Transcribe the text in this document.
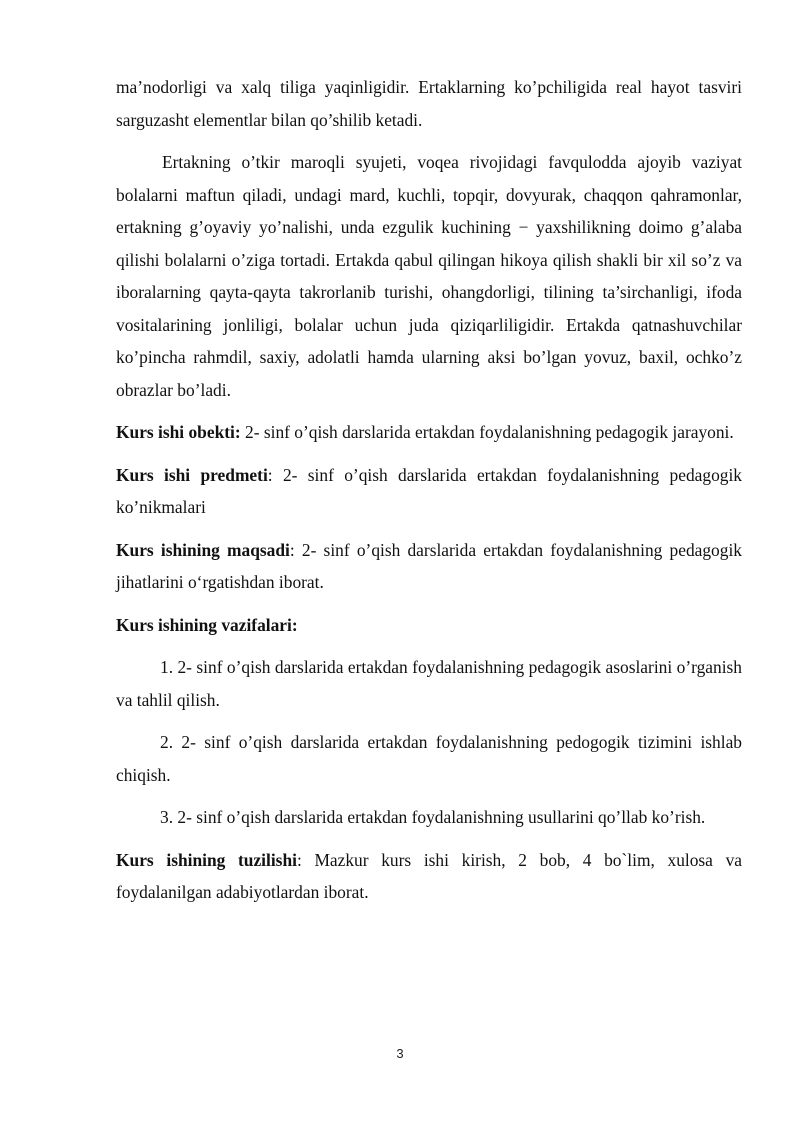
ma’nodorligi va xalq tiligа yaqinligidir. Ertaklarning ko’pchiligida real hayot tasviri sarguzasht elementlar bilan qo’shilib ketadi.

Ertakning o’tkir maroqli syujeti, voqea rivojidagi favqulodda ajoyib vaziyat bolalarni maftun qiladi, undagi mard, kuchli, topqir, dovyurak, chaqqon qahramonlar, ertakning g’oyaviy yo’nalishi, unda ezgulik kuchining − yaxshilikning doimo g’alaba qilishi bolalarni o’ziga tortadi. Ertakda qabul qilingan hikoya qilish shakli bir xil so’z va iboralarning qayta-qayta takrorlanib turishi, ohangdorligi, tilining ta’sirchanligi, ifoda vositalarining jonliligi, bolalar uchun juda qiziqarliligidir. Ertakda qatnashuvchilar ko’pincha rahmdil, saxiy, adolatli hamda ularning aksi bo’lgan yovuz, baxil, ochko’z obrazlar bo’ladi.

Kurs ishi obekti: 2- sinf o’qish darslarida ertakdan foydalanishning pedagogik jarayoni.

Kurs ishi predmeti: 2- sinf o’qish darslarida ertakdan foydalanishning pedagogik ko’nikmalari

Kurs ishining maqsadi: 2- sinf o’qish darslarida ertakdan foydalanishning pedagogik jihatlarini o‘rgatishdan iborat.

Kurs ishining vazifalari:

1. 2- sinf o’qish darslarida ertakdan foydalanishning pedagogik asoslarini o’rganish va tahlil qilish.

2. 2- sinf o’qish darslarida ertakdan foydalanishning pedogogik tizimini ishlab chiqish.

3. 2- sinf o’qish darslarida ertakdan foydalanishning usullarini qo’llab ko’rish.

Kurs ishining tuzilishi: Mazkur kurs ishi kirish, 2 bob, 4 bo`lim, xulosa va foydalanilgan adabiyotlardan iborat.

3
